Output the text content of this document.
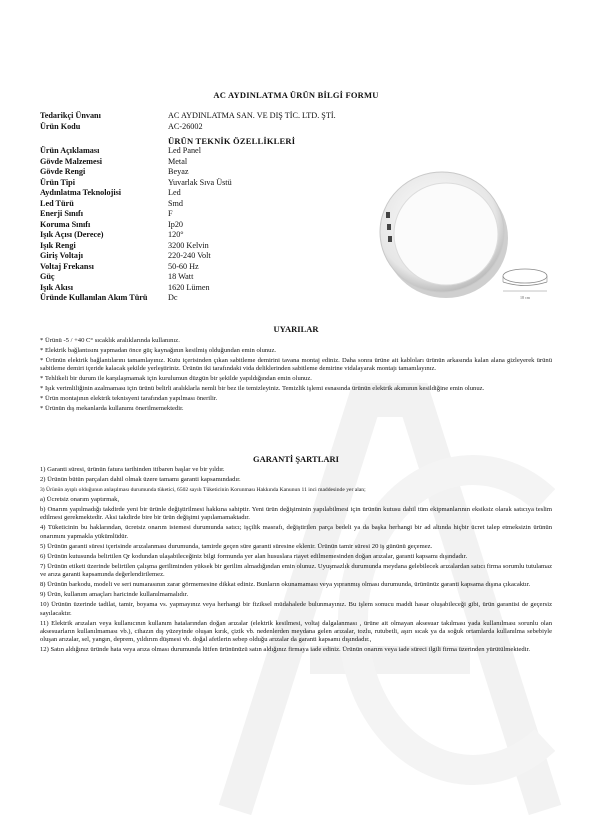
AC AYDINLATMA ÜRÜN BİLGİ FORMU
Tedarikçi Ünvanı	AC AYDINLATMA SAN. VE DIŞ TİC. LTD. ŞTİ.
Ürün Kodu	AC-26002
ÜRÜN TEKNİK ÖZELLİKLERİ
Ürün Açıklaması	Led Panel
Gövde Malzemesi	Metal
Gövde Rengi	Beyaz
Ürün Tipi	Yuvarlak Sıva Üstü
Aydınlatma Teknolojisi	Led
Led Türü	Smd
Enerji Sınıfı	F
Koruma Sınıfı	Ip20
Işık Açısı (Derece)	120°
Işık Rengi	3200 Kelvin
Giriş Voltajı	220-240 Volt
Voltaj Frekansı	50-60 Hz
Güç	18 Watt
Işık Akısı	1620 Lümen
Üründe Kullanılan Akım Türü	Dc	18 cm
UYARILAR

* Ürünü -5 / +40 C° sıcaklık aralıklarında kullanınız.

* Elektrik bağlantısını yapmadan önce güç kaynağının kesilmiş olduğundan emin olunuz.

* Ürünün elektrik bağlantılarını tamamlayınız. Kutu içerisinden çıkan sabitleme demirini tavana montaj ediniz. Daha sonra ürüne ait kabloları ürünün arkasında kalan alana gizleyerek ürünü sabitleme demiri içeride kalacak şekilde yerleştiriniz. Ürünün iki tarafındaki vida deliklerinden sabitleme demirine vidalayarak montajı tamamlayınız.

* Tehlikeli bir durum ile karşılaşmamak için kurulumun düzgün bir şekilde yapıldığından emin olunuz.

* Işık verimliliğinin azalmaması için ürünü belirli aralıklarla nemli bir bez ile temizleyiniz. Temizlik işlemi esnasında ürünün elektrik akımının kesildiğine emin olunuz.

* Ürün montajının elektrik teknisyeni tarafından yapılması önerilir.

* Ürünün dış mekanlarda kullanımı önerilmemektedir.

GARANTİ ŞARTLARI

1) Garanti süresi, ürünün fatura tarihinden itibaren başlar ve bir yıldır.

2) Ürünün bütün parçaları dahil olmak üzere tamamı garanti kapsamındadır.

3) Ürünün ayıplı olduğunun anlaşılması durumunda tüketici, 6502 sayılı Tüketicinin Korunması Hakkında Kanunun 11 inci maddesinde yer alan;

a) Ücretsiz onarım yaptırmak,

b) Onarım yapılmadığı takdirde yeni bir ürünle değiştirilmesi hakkına sahiptir. Yeni ürün değişiminin yapılabilmesi için ürünün kutusu dahil tüm ekipmanlarının eksiksiz olarak satıcıya teslim edilmesi gerekmektedir. Aksi takdirde bire bir ürün değişimi yapılamamaktadır.

4) Tüketicinin bu haklarından, ücretsiz onarım istemesi durumunda satıcı; işçilik masrafı, değiştirilen parça bedeli ya da başka herhangi bir ad altında hiçbir ücret talep etmeksizin ürünün onarımını yapmakla yükümlüdür.

5) Ürünün garanti süresi içerisinde arızalanması durumunda, tamirde geçen süre garanti süresine eklenir. Ürünün tamir süresi 20 iş gününü geçemez.

6) Ürünün kutusunda belirtilen Qr kodundan ulaşabileceğiniz bilgi formunda yer alan hususlara riayet edilmemesinden doğan arızalar, garanti kapsamı dışındadır.

7) Ürünün etiketi üzerinde belirtilen çalışma geriliminden yüksek bir gerilim almadığından emin olunuz. Uyuşmazlık durumunda meydana gelebilecek arızalardan satıcı firma sorumlu tutulamaz ve arıza garanti kapsamında değerlendirilemez.

8) Ürünün barkodu, modeli ve seri numarasının zarar görmemesine dikkat ediniz. Bunların okunamaması veya yıpranmış olması durumunda, ürününüz garanti kapsama dışına çıkacaktır.

9) Ürün, kullanım amaçları haricinde kullanılmamalıdır.

10) Ürünün üzerinde tadilat, tamir, boyama vs. yapmayınız veya herhangi bir fiziksel müdahalede bulunmayınız. Bu işlem sonucu maddi hasar oluşabileceği gibi, ürün garantisi de geçersiz sayılacaktır.

11) Elektrik arızaları veya kullanıcının kullanım hatalarından doğan arızalar (elektrik kesilmesi, voltaj dalgalanması , ürüne ait olmayan aksesuar takılması yada kullanılması sorunlu olan aksesuarların kullanılmaması vb.), cihazın dış yüzeyinde oluşan kırık, çizik vb. nedenlerden meydana gelen arızalar, tozlu, rutubetli, aşırı sıcak ya da soğuk ortamlarda kullanılma sebebiyle oluşan arızalar, sel, yangın, deprem, yıldırım düşmesi vb. doğal afetlerin sebep olduğu arızalar da garanti kapsamı dışındadır.,

12) Satın aldığınız üründe hata veya arıza olması durumunda lütfen ürününüzü satın aldığınız firmaya iade ediniz. Ürünün onarım veya iade süreci ilgili firma üzerinden yürütülmektedir.
